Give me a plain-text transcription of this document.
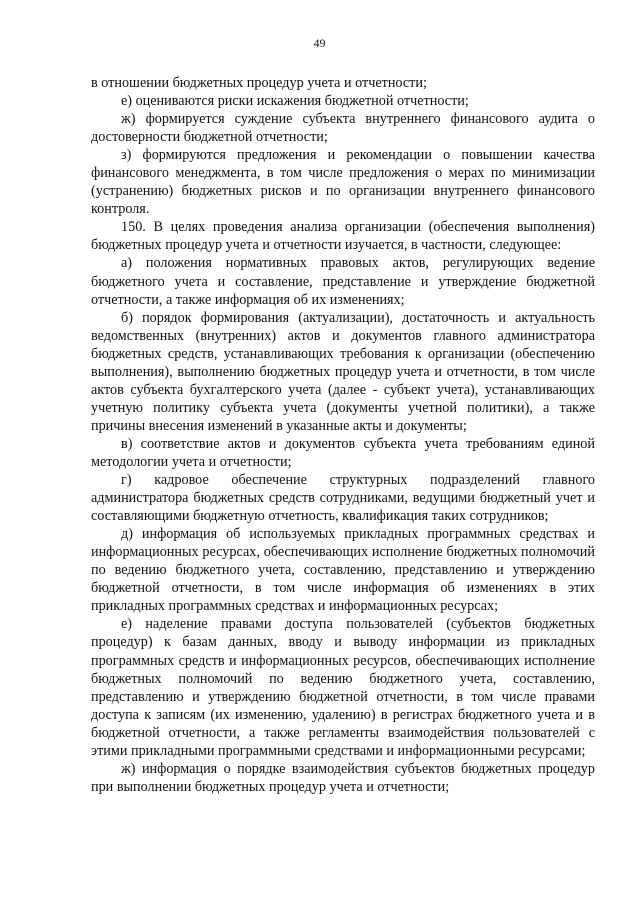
49

в отношении бюджетных процедур учета и отчетности;

е) оцениваются риски искажения бюджетной отчетности;

ж) формируется суждение субъекта внутреннего финансового аудита о достоверности бюджетной отчетности;

з) формируются предложения и рекомендации о повышении качества финансового менеджмента, в том числе предложения о мерах по минимизации (устранению) бюджетных рисков и по организации внутреннего финансового контроля.

150. В целях проведения анализа организации (обеспечения выполнения) бюджетных процедур учета и отчетности изучается, в частности, следующее:

а) положения нормативных правовых актов, регулирующих ведение бюджетного учета и составление, представление и утверждение бюджетной отчетности, а также информация об их изменениях;

б) порядок формирования (актуализации), достаточность и актуальность ведомственных (внутренних) актов и документов главного администратора бюджетных средств, устанавливающих требования к организации (обеспечению выполнения), выполнению бюджетных процедур учета и отчетности, в том числе актов субъекта бухгалтерского учета (далее - субъект учета), устанавливающих учетную политику субъекта учета (документы учетной политики), а также причины внесения изменений в указанные акты и документы;

в) соответствие актов и документов субъекта учета требованиям единой методологии учета и отчетности;

г) кадровое обеспечение структурных подразделений главного администратора бюджетных средств сотрудниками, ведущими бюджетный учет и составляющими бюджетную отчетность, квалификация таких сотрудников;

д) информация об используемых прикладных программных средствах и информационных ресурсах, обеспечивающих исполнение бюджетных полномочий по ведению бюджетного учета, составлению, представлению и утверждению бюджетной отчетности, в том числе информация об изменениях в этих прикладных программных средствах и информационных ресурсах;

е) наделение правами доступа пользователей (субъектов бюджетных процедур) к базам данных, вводу и выводу информации из прикладных программных средств и информационных ресурсов, обеспечивающих исполнение бюджетных полномочий по ведению бюджетного учета, составлению, представлению и утверждению бюджетной отчетности, в том числе правами доступа к записям (их изменению, удалению) в регистрах бюджетного учета и в бюджетной отчетности, а также регламенты взаимодействия пользователей с этими прикладными программными средствами и информационными ресурсами;

ж) информация о порядке взаимодействия субъектов бюджетных процедур при выполнении бюджетных процедур учета и отчетности;
